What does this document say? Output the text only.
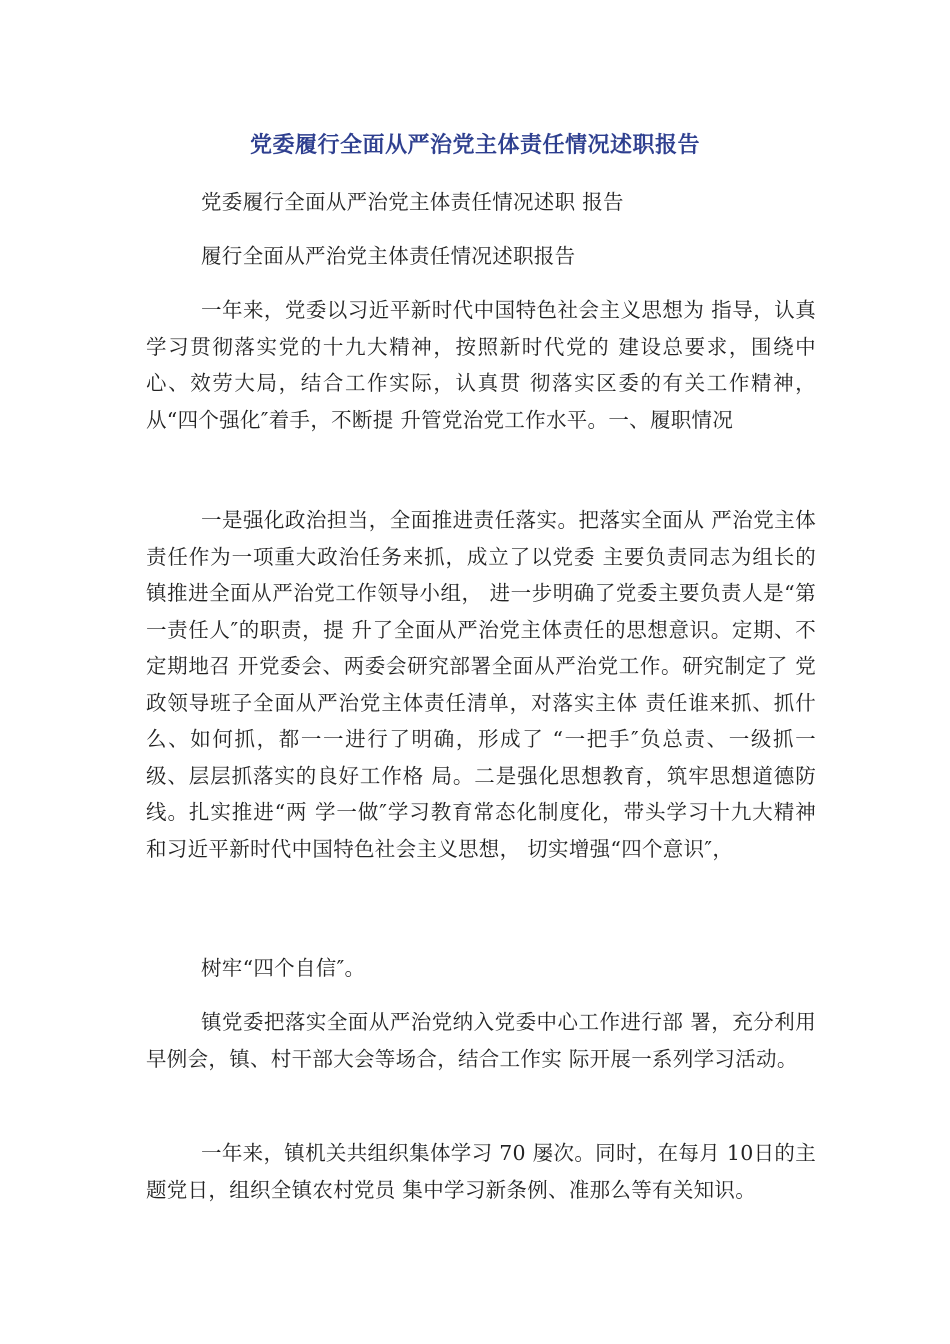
党委履行全面从严治党主体责任情况述职报告
党委履行全面从严治党主体责任情况述职 报告
履行全面从严治党主体责任情况述职报告
一年来，党委以习近平新时代中国特色社会主义思想为 指导，认真学习贯彻落实党的十九大精神，按照新时代党的 建设总要求，围绕中心、效劳大局，结合工作实际，认真贯 彻落实区委的有关工作精神，从“四个强化″着手，不断提 升管党治党工作水平。一、履职情况
一是强化政治担当，全面推进责任落实。把落实全面从 严治党主体责任作为一项重大政治任务来抓，成立了以党委 主要负责同志为组长的镇推进全面从严治党工作领导小组， 进一步明确了党委主要负责人是“第一责任人″的职责，提 升了全面从严治党主体责任的思想意识。定期、不定期地召 开党委会、两委会研究部署全面从严治党工作。研究制定了 党政领导班子全面从严治党主体责任清单，对落实主体 责任谁来抓、抓什么、如何抓，都一一进行了明确，形成了 “一把手″负总责、一级抓一级、层层抓落实的良好工作格 局。二是强化思想教育，筑牢思想道德防线。扎实推进“两 学一做″学习教育常态化制度化，带头学习十九大精神和习近平新时代中国特色社会主义思想， 切实增强“四个意识″，
树牢“四个自信″。
镇党委把落实全面从严治党纳入党委中心工作进行部 署，充分利用早例会，镇、村干部大会等场合，结合工作实 际开展一系列学习活动。
一年来，镇机关共组织集体学习 70 屡次。同时，在每月 10日的主题党日，组织全镇农村党员 集中学习新条例、准那么等有关知识。
